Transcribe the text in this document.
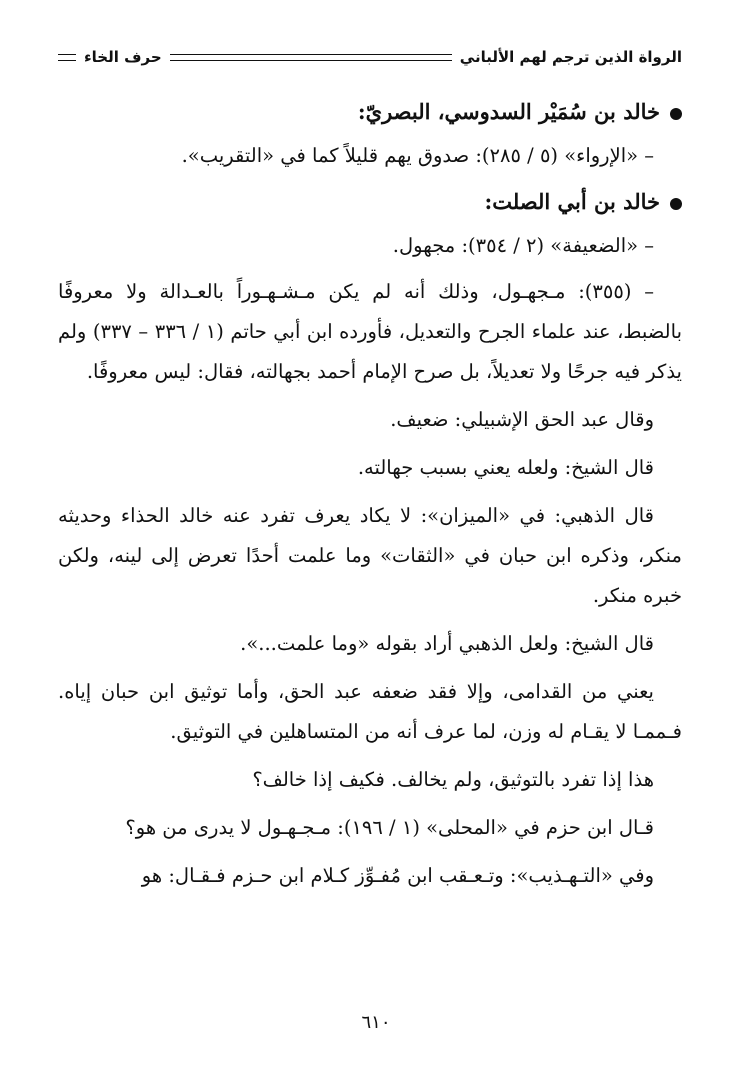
الرواة الذين ترجم لهم الألباني
حرف الخاء
خالد بن سُمَيْر السدوسي، البصريّ:

– «الإرواء» (٥ / ٢٨٥): صدوق يهم قليلاً كما في «التقريب».

خالد بن أبي الصلت:

– «الضعيفة» (٢ / ٣٥٤): مجهول.

– (٣٥٥): مـجهـول، وذلك أنه لم يكن مـشـهـوراً بالعـدالة ولا معروفًا بالضبط، عند علماء الجرح والتعديل، فأورده ابن أبي حاتم (١ / ٣٣٦ – ٣٣٧) ولم يذكر فيه جرحًا ولا تعديلاً، بل صرح الإمام أحمد بجهالته، فقال: ليس معروفًا.

وقال عبد الحق الإشبيلي: ضعيف.

قال الشيخ: ولعله يعني بسبب جهالته.

قال الذهبي: في «الميزان»: لا يكاد يعرف تفرد عنه خالد الحذاء وحديثه منكر، وذكره ابن حبان في «الثقات» وما علمت أحدًا تعرض إلى لينه، ولكن خبره منكر.

قال الشيخ: ولعل الذهبي أراد بقوله «وما علمت...».

يعني من القدامى، وإلا فقد ضعفه عبد الحق، وأما توثيق ابن حبان إياه. فـممـا لا يقـام له وزن، لما عرف أنه من المتساهلين في التوثيق.

هذا إذا تفرد بالتوثيق، ولم يخالف. فكيف إذا خالف؟

قـال ابن حزم في «المحلى» (١ / ١٩٦): مـجـهـول لا يدرى من هو؟

وفي «التـهـذيب»: وتـعـقب ابن مُفـوِّز كـلام ابن حـزم فـقـال: هو

٦١٠
